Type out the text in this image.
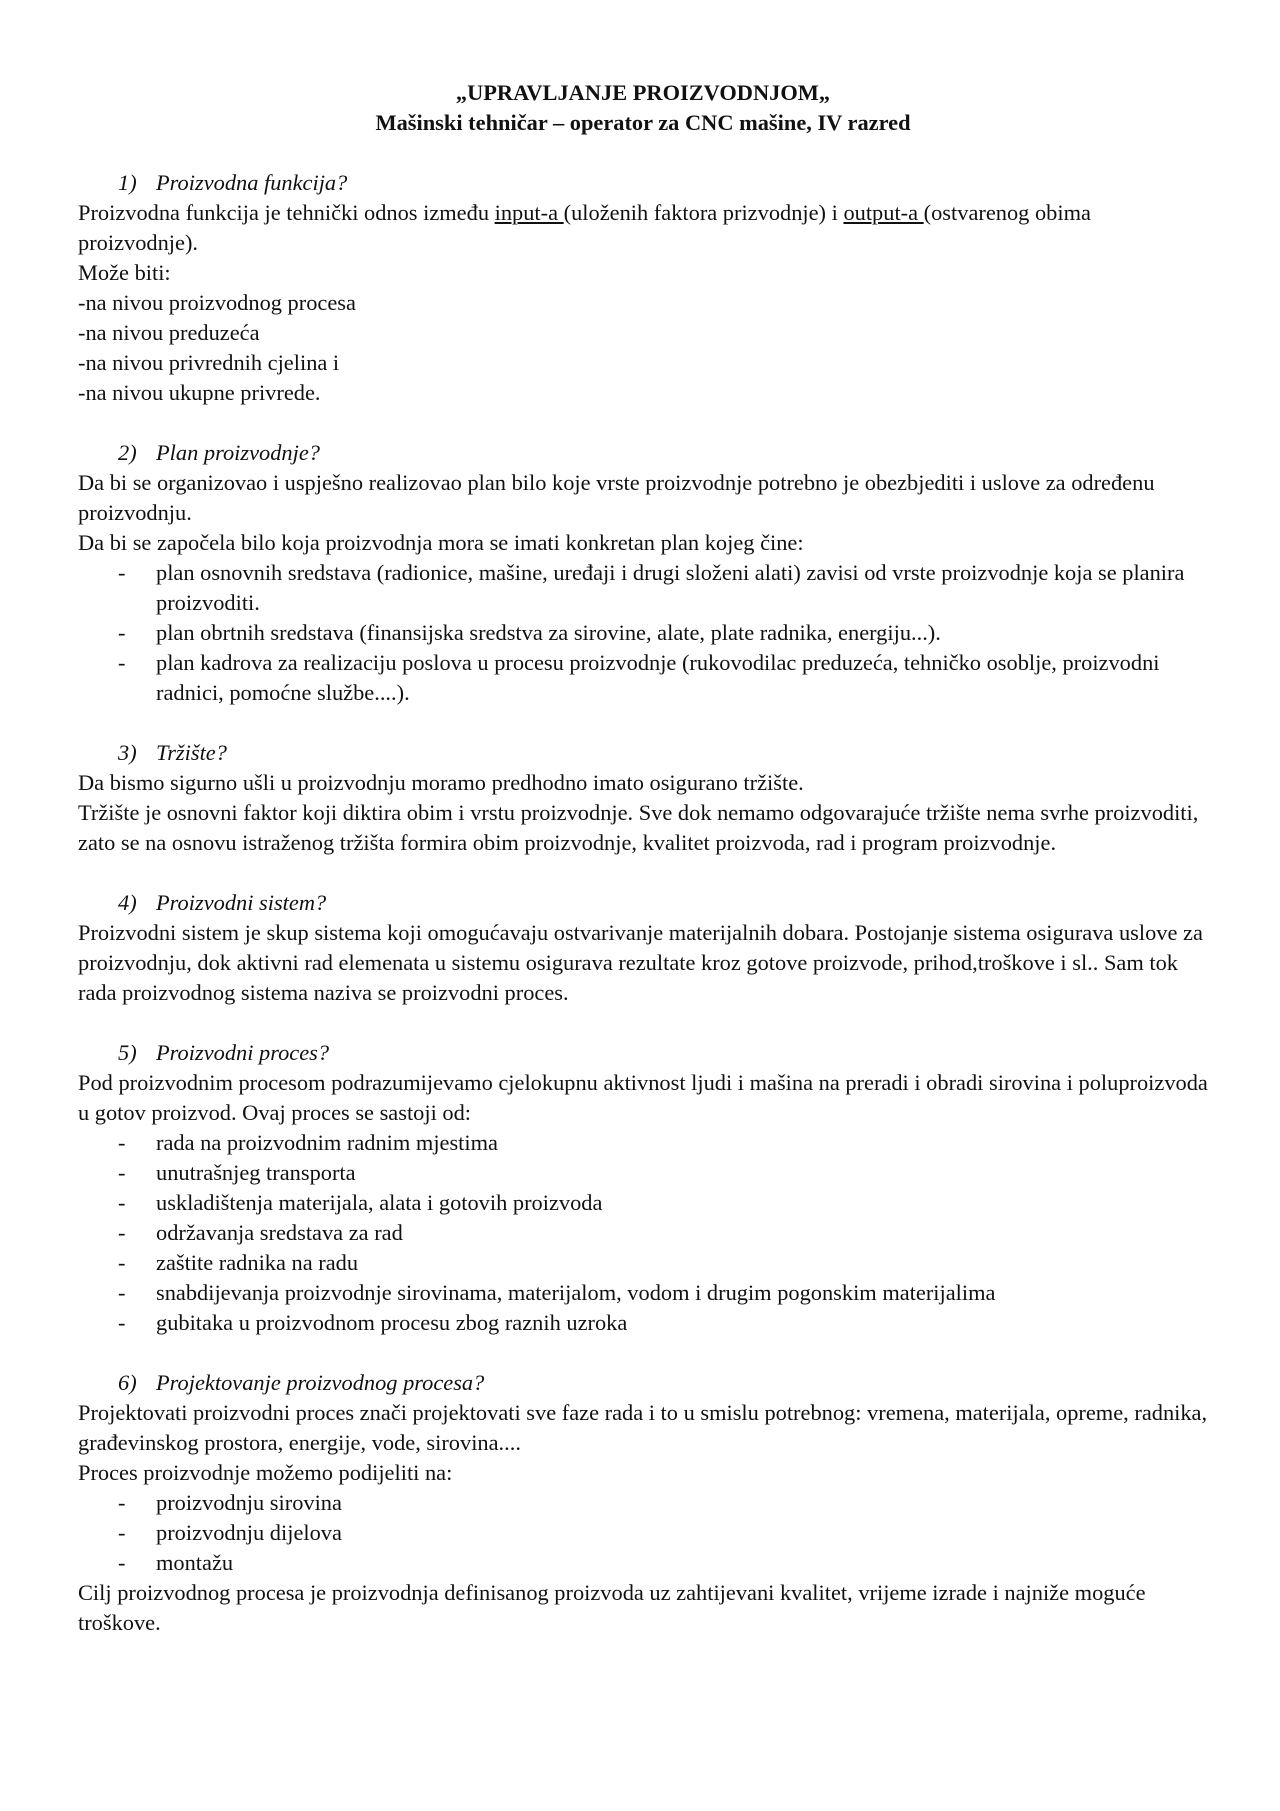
„UPRAVLJANJE PROIZVODNJOM„

Mašinski tehničar – operator za CNC mašine, IV razred

1) Proizvodna funkcija?

Proizvodna funkcija je tehnički odnos između input-a (uloženih faktora prizvodnje) i output-a (ostvarenog obima proizvodnje).

Može biti:

-na nivou proizvodnog procesa

-na nivou preduzeća

-na nivou privrednih cjelina i

-na nivou ukupne privrede.

2) Plan proizvodnje?

Da bi se organizovao i uspješno realizovao plan bilo koje vrste proizvodnje potrebno je obezbjediti i uslove za određenu proizvodnju.

Da bi se započela bilo koja proizvodnja mora se imati konkretan plan kojeg čine:

- plan osnovnih sredstava (radionice, mašine, uređaji i drugi složeni alati) zavisi od vrste proizvodnje koja se planira proizvoditi.
- plan obrtnih sredstava (finansijska sredstva za sirovine, alate, plate radnika, energiju...).
- plan kadrova za realizaciju poslova u procesu proizvodnje (rukovodilac preduzeća, tehničko osoblje, proizvodni radnici, pomoćne službe....).

3) Tržište?

Da bismo sigurno ušli u proizvodnju moramo predhodno imato osigurano tržište.

Tržište je osnovni faktor koji diktira obim i vrstu proizvodnje. Sve dok nemamo odgovarajuće tržište nema svrhe proizvoditi, zato se na osnovu istraženog tržišta formira obim proizvodnje, kvalitet proizvoda, rad i program proizvodnje.

4) Proizvodni sistem?

Proizvodni sistem je skup sistema koji omogućavaju ostvarivanje materijalnih dobara. Postojanje sistema osigurava uslove za proizvodnju, dok aktivni rad elemenata u sistemu osigurava rezultate kroz gotove proizvode, prihod,troškove i sl.. Sam tok rada proizvodnog sistema naziva se proizvodni proces.

5) Proizvodni proces?

Pod proizvodnim procesom podrazumijevamo cjelokupnu aktivnost ljudi i mašina na preradi i obradi sirovina i poluproizvoda u gotov proizvod. Ovaj proces se sastoji od:

- rada na proizvodnim radnim mjestima
- unutrašnjeg transporta
- uskladištenja materijala, alata i gotovih proizvoda
- održavanja sredstava za rad
- zaštite radnika na radu
- snabdijevanja proizvodnje sirovinama, materijalom, vodom i drugim pogonskim materijalima
- gubitaka u proizvodnom procesu zbog raznih uzroka

6) Projektovanje proizvodnog procesa?

Projektovati proizvodni proces znači projektovati sve faze rada i to u smislu potrebnog: vremena, materijala, opreme, radnika, građevinskog prostora, energije, vode, sirovina....

Proces proizvodnje možemo podijeliti na:

- proizvodnju sirovina
- proizvodnju dijelova
- montažu

Cilj proizvodnog procesa je proizvodnja definisanog proizvoda uz zahtijevani kvalitet, vrijeme izrade i najniže moguće troškove.
